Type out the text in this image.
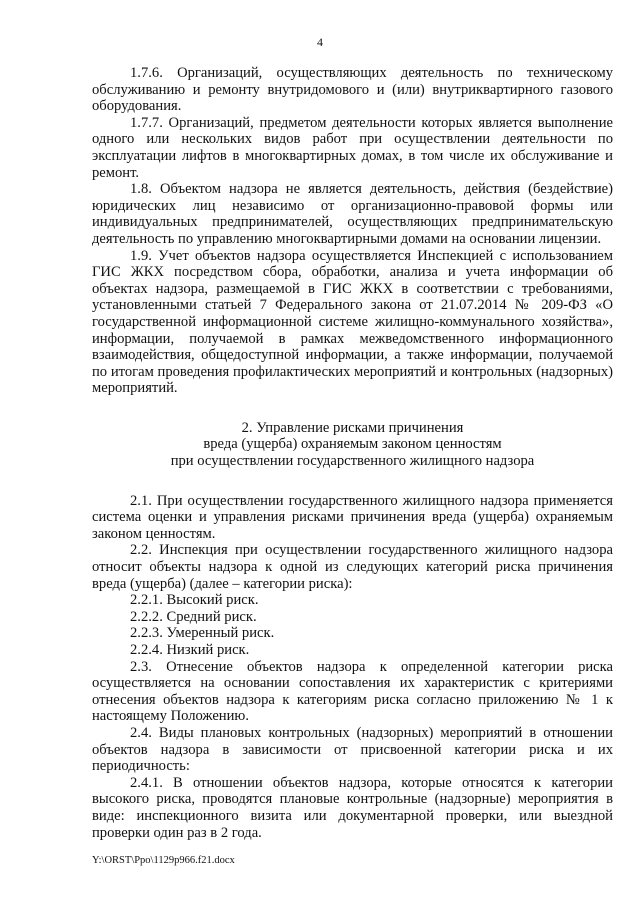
4

1.7.6. Организаций, осуществляющих деятельность по техническому обслуживанию и ремонту внутридомового и (или) внутриквартирного газового оборудования.

1.7.7. Организаций, предметом деятельности которых является выполнение одного или нескольких видов работ при осуществлении деятельности по эксплуатации лифтов в многоквартирных домах, в том числе их обслуживание и ремонт.

1.8. Объектом надзора не является деятельность, действия (бездействие) юридических лиц независимо от организационно-правовой формы или индивидуальных предпринимателей, осуществляющих предпринимательскую деятельность по управлению многоквартирными домами на основании лицензии.

1.9. Учет объектов надзора осуществляется Инспекцией с использованием ГИС ЖКХ посредством сбора, обработки, анализа и учета информации об объектах надзора, размещаемой в ГИС ЖКХ в соответствии с требованиями, установленными статьей 7 Федерального закона от 21.07.2014 № 209-ФЗ «О государственной информационной системе жилищно-коммунального хозяйства», информации, получаемой в рамках межведомственного информационного взаимодействия, общедоступной информации, а также информации, получаемой по итогам проведения профилактических мероприятий и контрольных (надзорных) мероприятий.

2. Управление рисками причинения
вреда (ущерба) охраняемым законом ценностям
при осуществлении государственного жилищного надзора

2.1. При осуществлении государственного жилищного надзора применяется система оценки и управления рисками причинения вреда (ущерба) охраняемым законом ценностям.

2.2. Инспекция при осуществлении государственного жилищного надзора относит объекты надзора к одной из следующих категорий риска причинения вреда (ущерба) (далее – категории риска):

2.2.1. Высокий риск.

2.2.2. Средний риск.

2.2.3. Умеренный риск.

2.2.4. Низкий риск.

2.3. Отнесение объектов надзора к определенной категории риска осуществляется на основании сопоставления их характеристик с критериями отнесения объектов надзора к категориям риска согласно приложению № 1 к настоящему Положению.

2.4. Виды плановых контрольных (надзорных) мероприятий в отношении объектов надзора в зависимости от присвоенной категории риска и их периодичность:

2.4.1. В отношении объектов надзора, которые относятся к категории высокого риска, проводятся плановые контрольные (надзорные) мероприятия в виде: инспекционного визита или документарной проверки, или выездной проверки один раз в 2 года.

Y:\ORST\Ppo\1129p966.f21.docx
